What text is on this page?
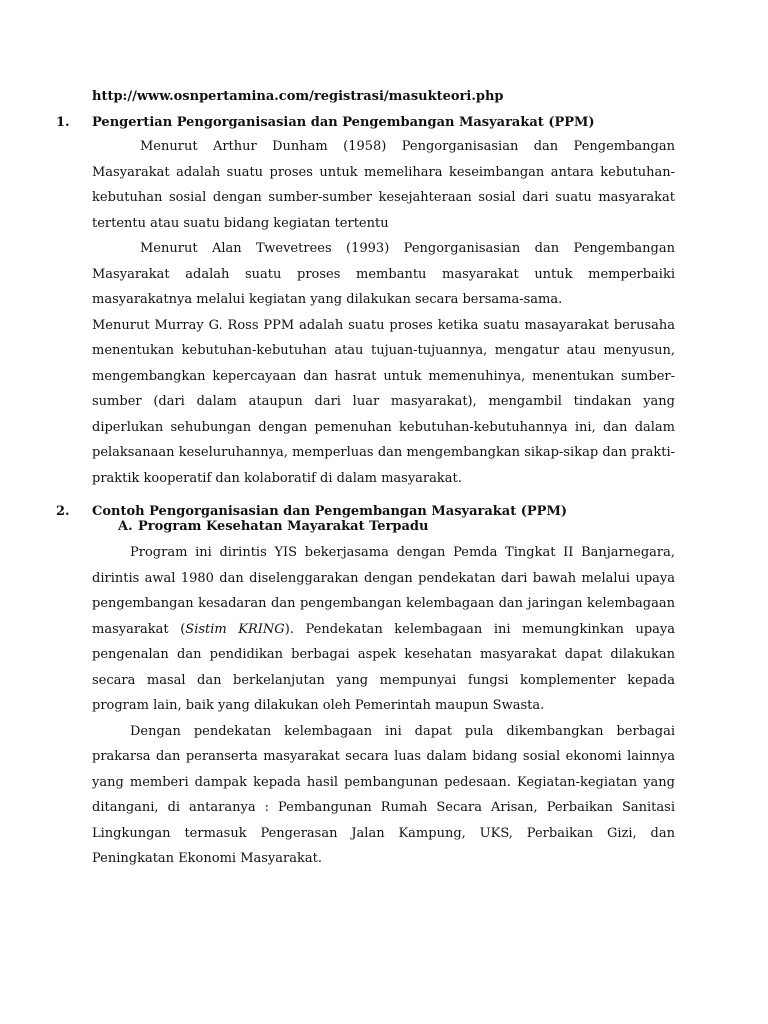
http://www.osnpertamina.com/registrasi/masukteori.php
1. Pengertian Pengorganisasian dan Pengembangan Masyarakat (PPM)

Menurut Arthur Dunham (1958) Pengorganisasian dan Pengembangan Masyarakat adalah suatu proses untuk memelihara keseimbangan antara kebutuhan-kebutuhan sosial dengan sumber-sumber kesejahteraan sosial dari suatu masyarakat tertentu atau suatu bidang kegiatan tertentu

Menurut Alan Twevetrees (1993) Pengorganisasian dan Pengembangan Masyarakat adalah suatu proses membantu masyarakat untuk memperbaiki masyarakatnya melalui kegiatan yang dilakukan secara bersama-sama.

Menurut Murray G. Ross PPM adalah suatu proses ketika suatu masayarakat berusaha menentukan kebutuhan-kebutuhan atau tujuan-tujuannya, mengatur atau menyusun, mengembangkan kepercayaan dan hasrat untuk memenuhinya, menentukan sumber-sumber (dari dalam ataupun dari luar masyarakat), mengambil tindakan yang diperlukan sehubungan dengan pemenuhan kebutuhan-kebutuhannya ini, dan dalam pelaksanaan keseluruhannya, memperluas dan mengembangkan sikap-sikap dan prakti-praktik kooperatif dan kolaboratif di dalam masyarakat.

2. Contoh Pengorganisasian dan Pengembangan Masyarakat (PPM)
A. Program Kesehatan Mayarakat Terpadu

Program ini dirintis YIS bekerjasama dengan Pemda Tingkat II Banjarnegara, dirintis awal 1980 dan diselenggarakan dengan pendekatan dari bawah melalui upaya pengembangan kesadaran dan pengembangan kelembagaan dan jaringan kelembagaan masyarakat (Sistim KRING). Pendekatan kelembagaan ini memungkinkan upaya pengenalan dan pendidikan berbagai aspek kesehatan masyarakat dapat dilakukan secara masal dan berkelanjutan yang mempunyai fungsi komplementer kepada program lain, baik yang dilakukan oleh Pemerintah maupun Swasta.

Dengan pendekatan kelembagaan ini dapat pula dikembangkan berbagai prakarsa dan peranserta masyarakat secara luas dalam bidang sosial ekonomi lainnya yang memberi dampak kepada hasil pembangunan pedesaan. Kegiatan-kegiatan yang ditangani, di antaranya : Pembangunan Rumah Secara Arisan, Perbaikan Sanitasi Lingkungan termasuk Pengerasan Jalan Kampung, UKS, Perbaikan Gizi, dan Peningkatan Ekonomi Masyarakat.
